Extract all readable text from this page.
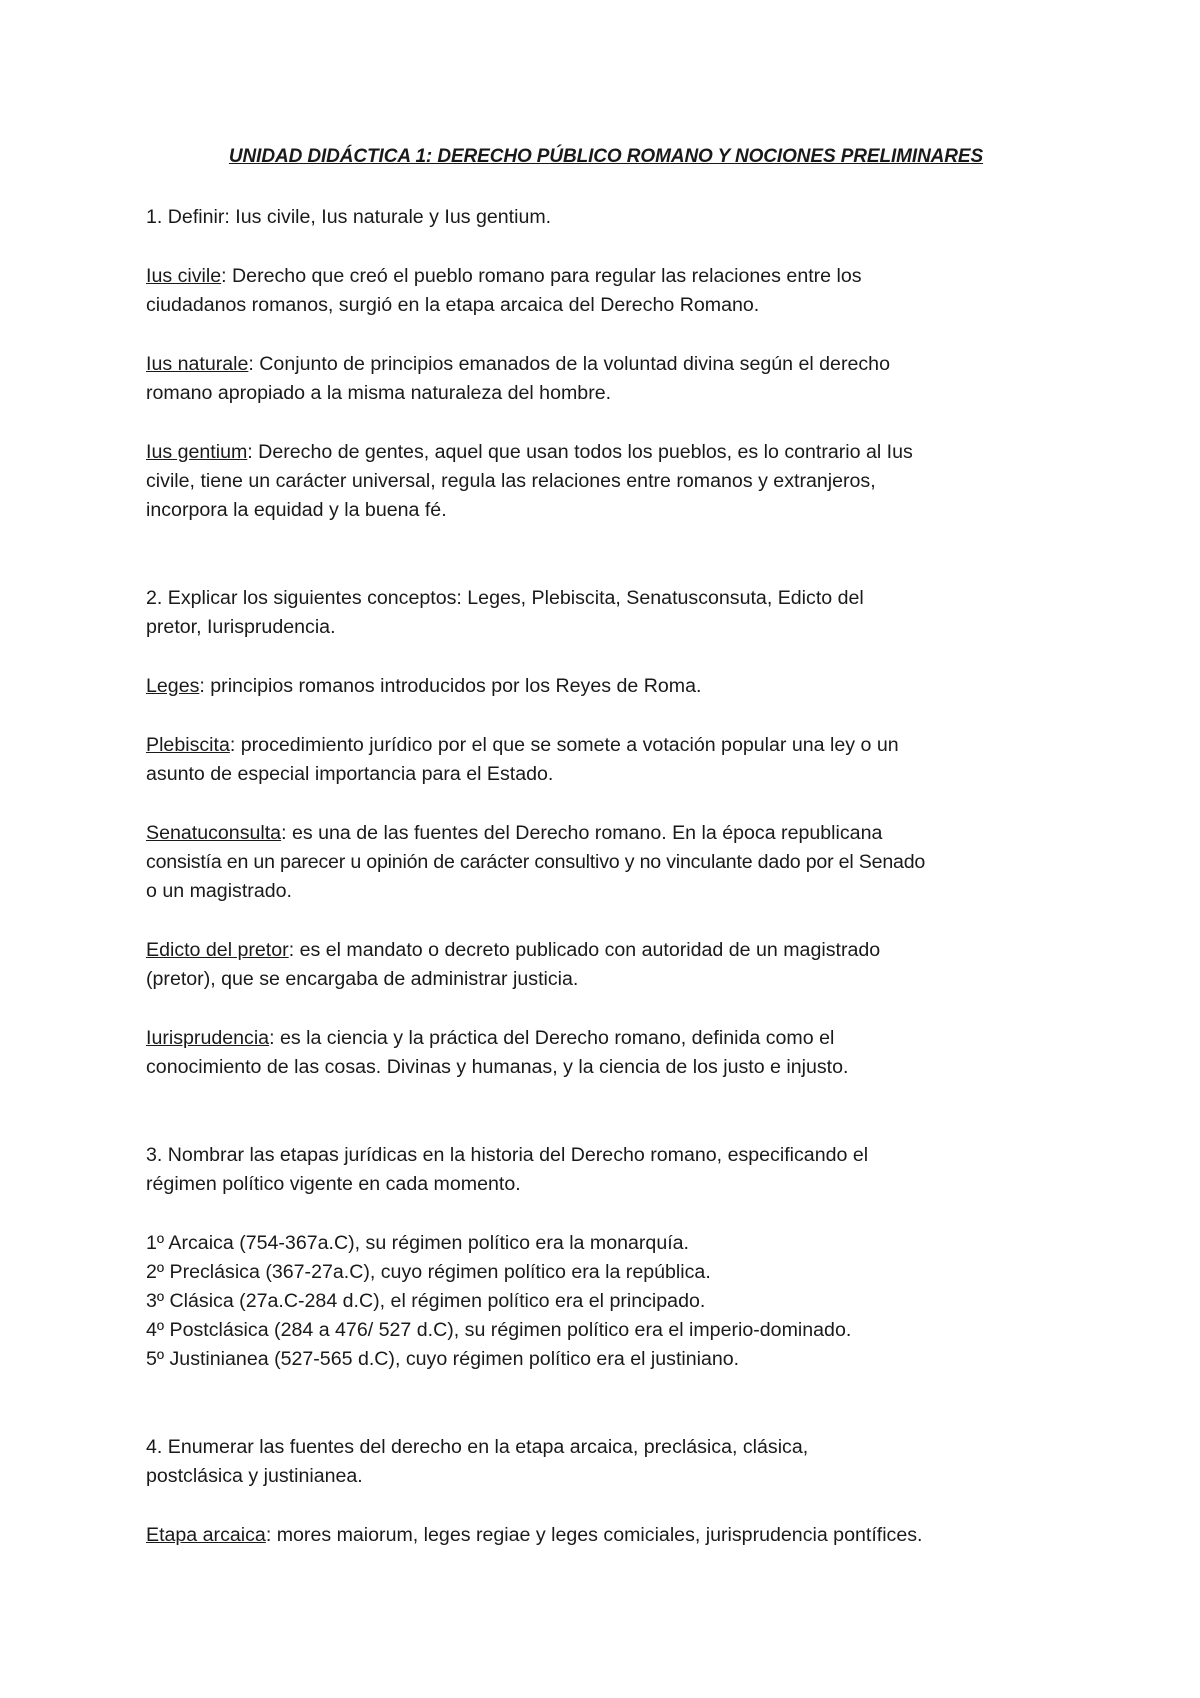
UNIDAD DIDÁCTICA 1: DERECHO PÚBLICO ROMANO Y NOCIONES PRELIMINARES
1. Definir: Ius civile, Ius naturale y Ius gentium.
Ius civile: Derecho que creó el pueblo romano para regular las relaciones entre los
ciudadanos romanos, surgió en la etapa arcaica del Derecho Romano.
Ius naturale: Conjunto de principios emanados de la voluntad divina según el derecho
romano apropiado a la misma naturaleza del hombre.
Ius gentium: Derecho de gentes, aquel que usan todos los pueblos, es lo contrario al Ius
civile, tiene un carácter universal, regula las relaciones entre romanos y extranjeros,
incorpora la equidad y la buena fé.
2. Explicar los siguientes conceptos: Leges, Plebiscita, Senatusconsuta, Edicto del
pretor, Iurisprudencia.
Leges: principios romanos introducidos por los Reyes de Roma.
Plebiscita: procedimiento jurídico por el que se somete a votación popular una ley o un
asunto de especial importancia para el Estado.
Senatuconsulta: es una de las fuentes del Derecho romano. En la época republicana
consistía en un parecer u opinión de carácter consultivo y no vinculante dado por el Senado
o un magistrado.
Edicto del pretor: es el mandato o decreto publicado con autoridad de un magistrado
(pretor), que se encargaba de administrar justicia.
Iurisprudencia: es la ciencia y la práctica del Derecho romano, definida como el
conocimiento de las cosas. Divinas y humanas, y la ciencia de los justo e injusto.
3. Nombrar las etapas jurídicas en la historia del Derecho romano, especificando el
régimen político vigente en cada momento.
1º Arcaica (754-367a.C), su régimen político era la monarquía.
2º Preclásica (367-27a.C), cuyo régimen político era la república.
3º Clásica (27a.C-284 d.C), el régimen político era el principado.
4º Postclásica (284 a 476/ 527 d.C), su régimen político era el imperio-dominado.
5º Justinianea (527-565 d.C), cuyo régimen político era el justiniano.
4. Enumerar las fuentes del derecho en la etapa arcaica, preclásica, clásica,
postclásica y justinianea.
Etapa arcaica: mores maiorum, leges regiae y leges comiciales, jurisprudencia pontífices.
